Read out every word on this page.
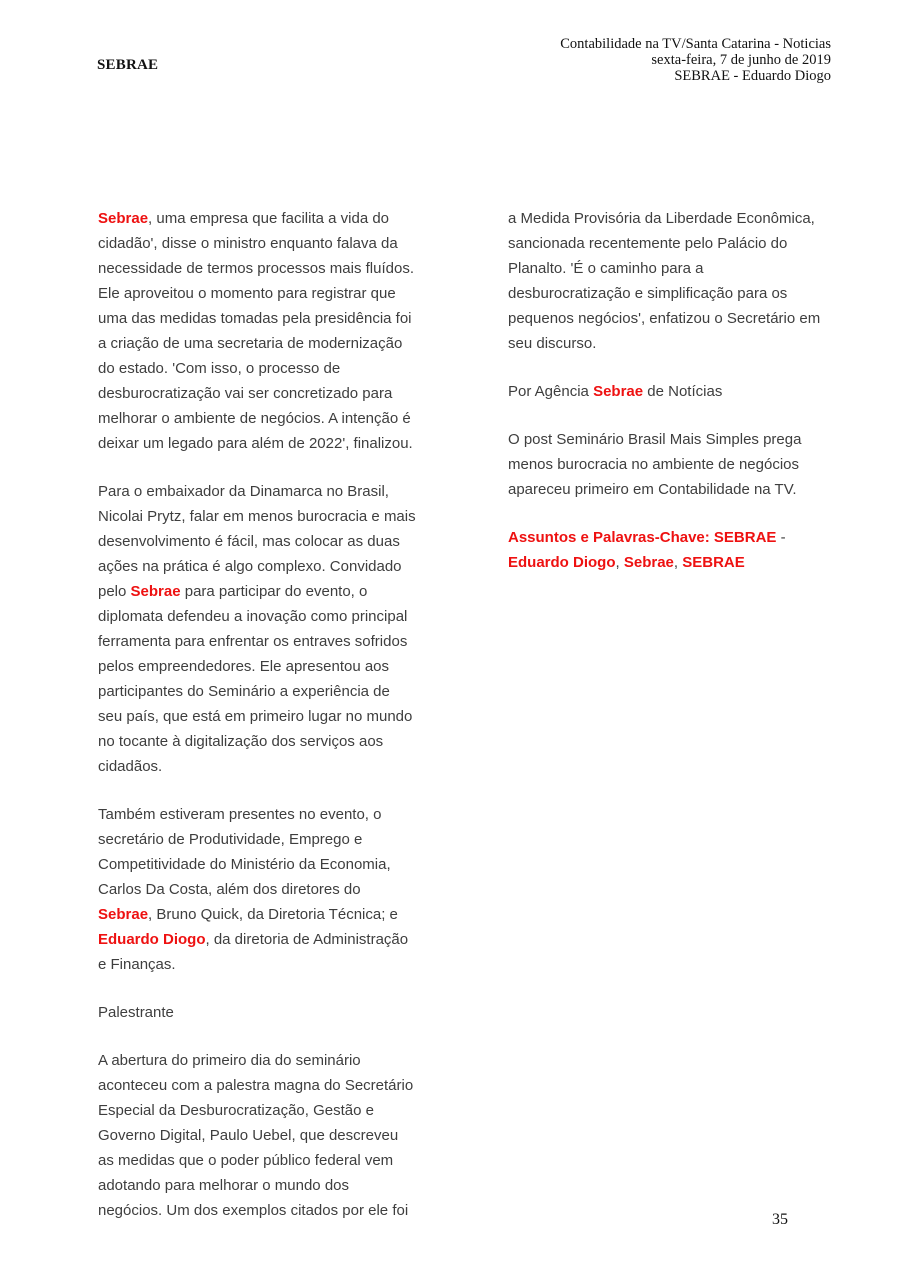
SEBRAE
Contabilidade na TV/Santa Catarina - Noticias
sexta-feira, 7 de junho de 2019
SEBRAE - Eduardo Diogo

Sebrae, uma empresa que facilita a vida do
cidadão', disse o ministro enquanto falava da
necessidade de termos processos mais fluídos.
Ele aproveitou o momento para registrar que
uma das medidas tomadas pela presidência foi
a criação de uma secretaria de modernização
do estado. 'Com isso, o processo de
desburocratização vai ser concretizado para
melhorar o ambiente de negócios. A intenção é
deixar um legado para além de 2022', finalizou.

Para o embaixador da Dinamarca no Brasil,
Nicolai Prytz, falar em menos burocracia e mais
desenvolvimento é fácil, mas colocar as duas
ações na prática é algo complexo. Convidado
pelo Sebrae para participar do evento, o
diplomata defendeu a inovação como principal
ferramenta para enfrentar os entraves sofridos
pelos empreendedores. Ele apresentou aos
participantes do Seminário a experiência de
seu país, que está em primeiro lugar no mundo
no tocante à digitalização dos serviços aos
cidadãos.

Também estiveram presentes no evento, o
secretário de Produtividade, Emprego e
Competitividade do Ministério da Economia,
Carlos Da Costa, além dos diretores do
Sebrae, Bruno Quick, da Diretoria Técnica; e
Eduardo Diogo, da diretoria de Administração
e Finanças.

Palestrante

A abertura do primeiro dia do seminário
aconteceu com a palestra magna do Secretário
Especial da Desburocratização, Gestão e
Governo Digital, Paulo Uebel, que descreveu
as medidas que o poder público federal vem
adotando para melhorar o mundo dos
negócios. Um dos exemplos citados por ele foi

a Medida Provisória da Liberdade Econômica,
sancionada recentemente pelo Palácio do
Planalto. 'É o caminho para a
desburocratização e simplificação para os
pequenos negócios', enfatizou o Secretário em
seu discurso.

Por Agência Sebrae de Notícias

O post Seminário Brasil Mais Simples prega
menos burocracia no ambiente de negócios
apareceu primeiro em Contabilidade na TV.

Assuntos e Palavras-Chave: SEBRAE -
Eduardo Diogo, Sebrae, SEBRAE

35
